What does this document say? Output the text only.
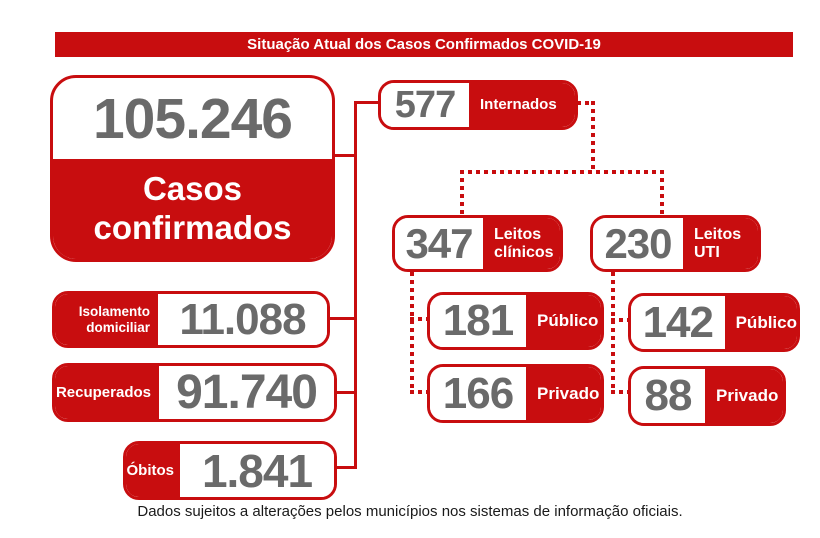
Situação Atual dos Casos Confirmados COVID-19
105.246
Casos confirmados
577	Internados
347	Leitos clínicos 230	Leitos UTI
181	Público
166	Privado
142	Público
88	Privado
Isolamento domiciliar 11.088
Recuperados 91.740
Óbitos 1.841
Dados sujeitos a alterações pelos municípios nos sistemas de informação oficiais.
